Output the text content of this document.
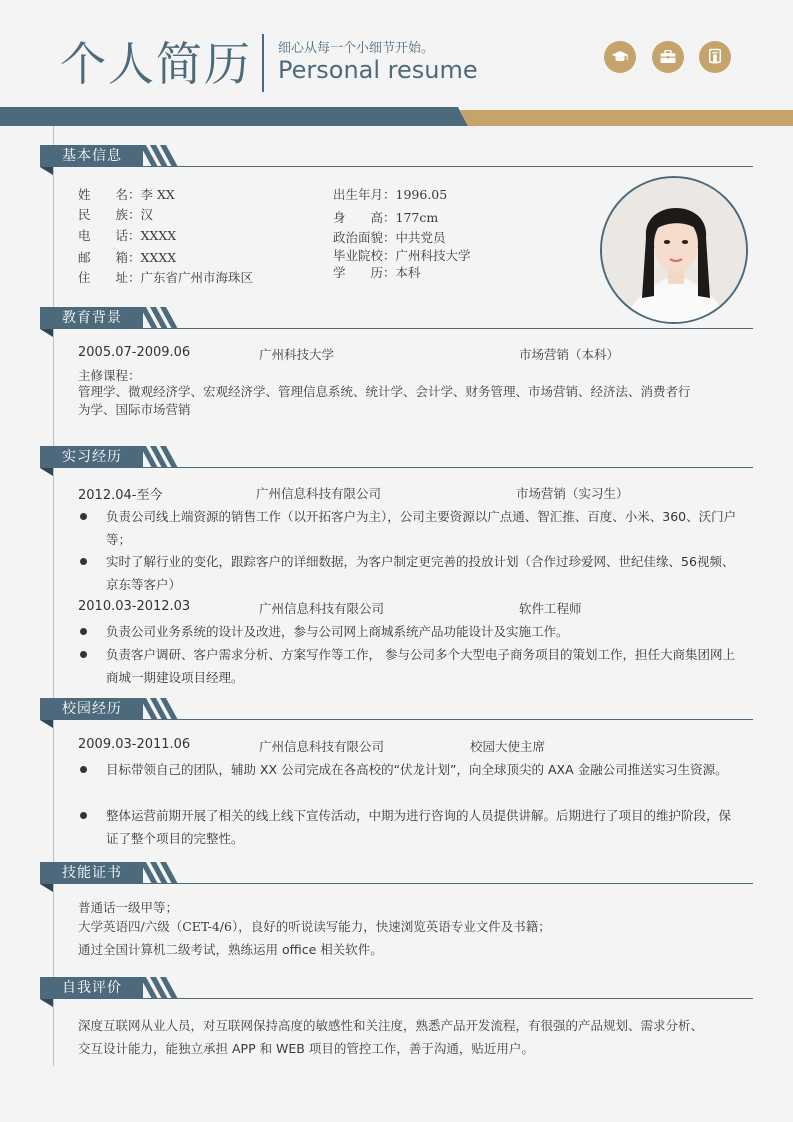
个人简历 细心从每一个小细节开始。
Personal resume
基本信息
教育背景
2005.07-2009.06	广州科技大学	市场营销（本科）
主修课程：
管理学、微观经济学、宏观经济学、管理信息系统、统计学、会计学、财务管理、市场营销、经济法、消费者行
为学、国际市场营销
实习经历
2012.04-至今	广州信息科技有限公司	市场营销（实习生）
负责公司线上端资源的销售工作（以开拓客户为主），公司主要资源以广点通、智汇推、百度、小米、360、沃门户等；
实时了解行业的变化，跟踪客户的详细数据，为客户制定更完善的投放计划（合作过珍爱网、世纪佳缘、56视频、京东等客户）
2010.03-2012.03	广州信息科技有限公司	软件工程师
负责公司业务系统的设计及改进，参与公司网上商城系统产品功能设计及实施工作。
负责客户调研、客户需求分析、方案写作等工作， 参与公司多个大型电子商务项目的策划工作，担任大商集团网上商城一期建设项目经理。
校园经历
2009.03-2011.06	广州信息科技有限公司	校园大使主席
目标带领自己的团队，辅助 XX 公司完成在各高校的“伏龙计划”，向全球顶尖的 AXA 金融公司推送实习生资源。
整体运营前期开展了相关的线上线下宣传活动，中期为进行咨询的人员提供讲解。后期进行了项目的维护阶段，保证了整个项目的完整性。
技能证书
普通话一级甲等；
大学英语四/六级（CET-4/6），良好的听说读写能力，快速浏览英语专业文件及书籍；
通过全国计算机二级考试，熟练运用 office 相关软件。
自我评价
深度互联网从业人员，对互联网保持高度的敏感性和关注度，熟悉产品开发流程，有很强的产品规划、需求分析、
交互设计能力，能独立承担 APP 和 WEB 项目的管控工作，善于沟通，贴近用户。
姓　　名：李 XX
民　　族：汉
电　　话：XXXX
邮　　箱：XXXX
住　　址：广东省广州市海珠区
出生年月：1996.05
身　　高：177cm
政治面貌：中共党员
毕业院校：广州科技大学
学　　历：本科
